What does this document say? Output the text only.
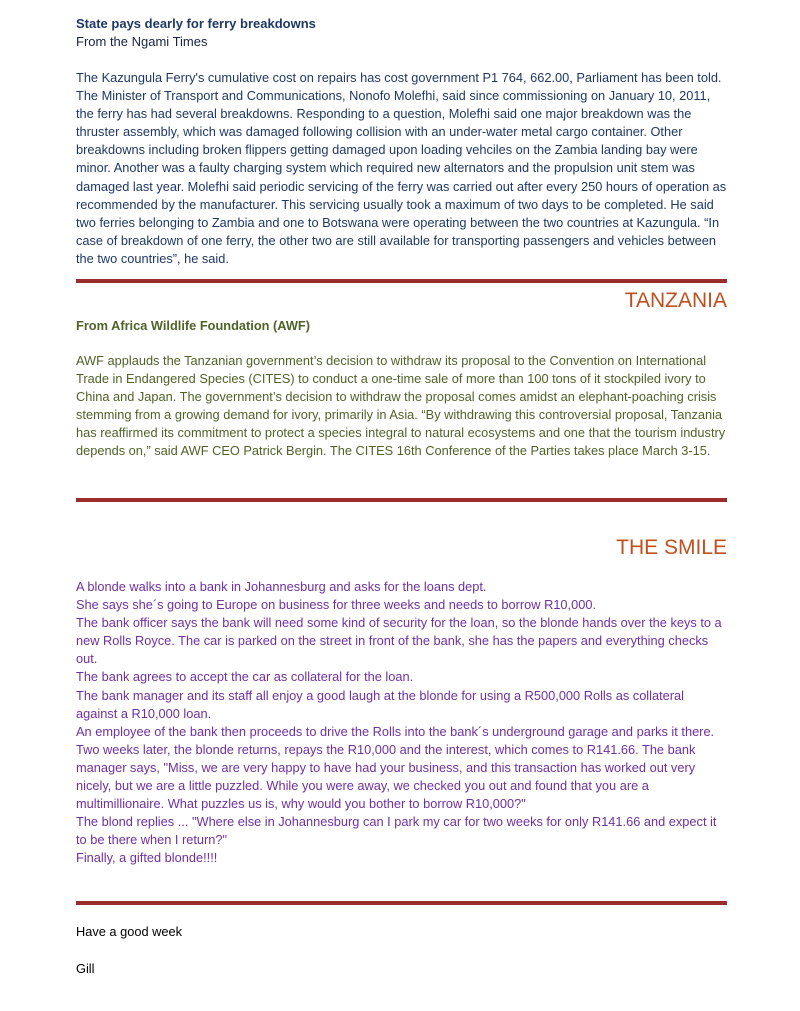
State pays dearly for ferry breakdowns
From the Ngami Times

The Kazungula Ferry's cumulative cost on repairs has cost government P1 764, 662.00, Parliament has been told. The Minister of Transport and Communications, Nonofo Molefhi, said since commissioning on January 10, 2011, the ferry has had several breakdowns. Responding to a question, Molefhi said one major breakdown was the thruster assembly, which was damaged following collision with an under-water metal cargo container. Other breakdowns including broken flippers getting damaged upon loading vehciles on the Zambia landing bay were minor. Another was a faulty charging system which required new alternators and the propulsion unit stem was damaged last year. Molefhi said periodic servicing of the ferry was carried out after every 250 hours of operation as recommended by the manufacturer. This servicing usually took a maximum of two days to be completed. He said two ferries belonging to Zambia and one to Botswana were operating between the two countries at Kazungula. “In case of breakdown of one ferry, the other two are still available for transporting passengers and vehicles between the two countries”, he said.

TANZANIA

From Africa Wildlife Foundation (AWF)

AWF applauds the Tanzanian government’s decision to withdraw its proposal to the Convention on International Trade in Endangered Species (CITES) to conduct a one-time sale of more than 100 tons of it stockpiled ivory to China and Japan. The government’s decision to withdraw the proposal comes amidst an elephant-poaching crisis stemming from a growing demand for ivory, primarily in Asia. “By withdrawing this controversial proposal, Tanzania has reaffirmed its commitment to protect a species integral to natural ecosystems and one that the tourism industry depends on,” said AWF CEO Patrick Bergin. The CITES 16th Conference of the Parties takes place March 3-15.

THE SMILE
A blonde walks into a bank in Johannesburg and asks for the loans dept.
She says she´s going to Europe on business for three weeks and needs to borrow R10,000.
The bank officer says the bank will need some kind of security for the loan, so the blonde hands over the keys to a new Rolls Royce. The car is parked on the street in front of the bank, she has the papers and everything checks out.
The bank agrees to accept the car as collateral for the loan.
The bank manager and its staff all enjoy a good laugh at the blonde for using a R500,000 Rolls as collateral against a R10,000 loan.
An employee of the bank then proceeds to drive the Rolls into the bank´s underground garage and parks it there.
Two weeks later, the blonde returns, repays the R10,000 and the interest, which comes to R141.66. The bank manager says, "Miss, we are very happy to have had your business, and this transaction has worked out very nicely, but we are a little puzzled. While you were away, we checked you out and found that you are a multimillionaire. What puzzles us is, why would you bother to borrow R10,000?"
The blond replies ... "Where else in Johannesburg can I park my car for two weeks for only R141.66 and expect it to be there when I return?"
Finally, a gifted blonde!!!!

Have a good week

Gill
